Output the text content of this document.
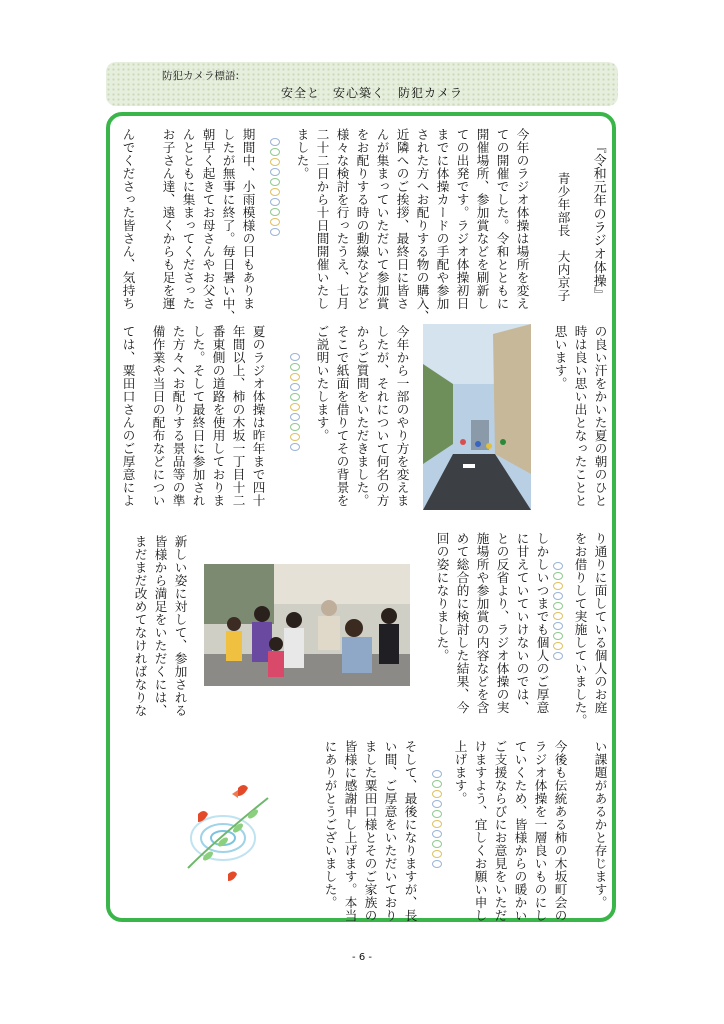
防犯カメラ標語:
安全と　安心築く　防犯カメラ
『令和元年のラジオ体操』
青少年部長　大内京子
今年のラジオ体操は場所を変え
ての開催でした。令和とともに
開催場所、参加賞などを刷新し
ての出発です。ラジオ体操初日
までに体操カードの手配や参加
された方へお配りする物の購入、
近隣へのご挨拶、最終日に皆さ
んが集まっていただいて参加賞
をお配りする時の動線などなど
様々な検討を行ったうえ、七月
二十二日から十日間開催いたし
ました。
期間中、小雨模様の日もありま
したが無事に終了。毎日暑い中、
朝早く起きてお母さんやお父さ
んとともに集まってくださった
お子さん達、遠くからも足を運
んでくださった皆さん、気持ち
の良い汗をかいた夏の朝のひと
時は良い思い出となったことと
思います。
今年から一部のやり方を変えま
したが、それについて何名の方
からご質問をいただきました。
そこで紙面を借りてその背景を
ご説明いたします。
夏のラジオ体操は昨年まで四十
年間以上、柿の木坂一丁目十二
番東側の道路を使用しておりま
した。そして最終日に参加され
た方々へお配りする景品等の準
備作業や当日の配布などについ
ては、粟田口さんのご厚意によ
り通りに面している個人のお庭
をお借りして実施していました。
しかしいつまでも個人のご厚意
に甘えていていけないのでは、
との反省より、ラジオ体操の実
施場所や参加賞の内容などを含
めて総合的に検討した結果、今
回の姿になりました。
新しい姿に対して、参加される
皆様から満足をいただくには、
まだまだ改めてなければなりな
い課題があるかと存じます。
今後も伝統ある柿の木坂町会の
ラジオ体操を一層良いものにし
ていくため、皆様からの暖かい
ご支援ならびにお意見をいただ
けますよう、宜しくお願い申し
上げます。
そして、最後になりますが、長
い間、ご厚意をいただいており
ました粟田口様とそのご家族の
皆様に感謝申し上げます。本当
にありがとうございました。
- 6 -
